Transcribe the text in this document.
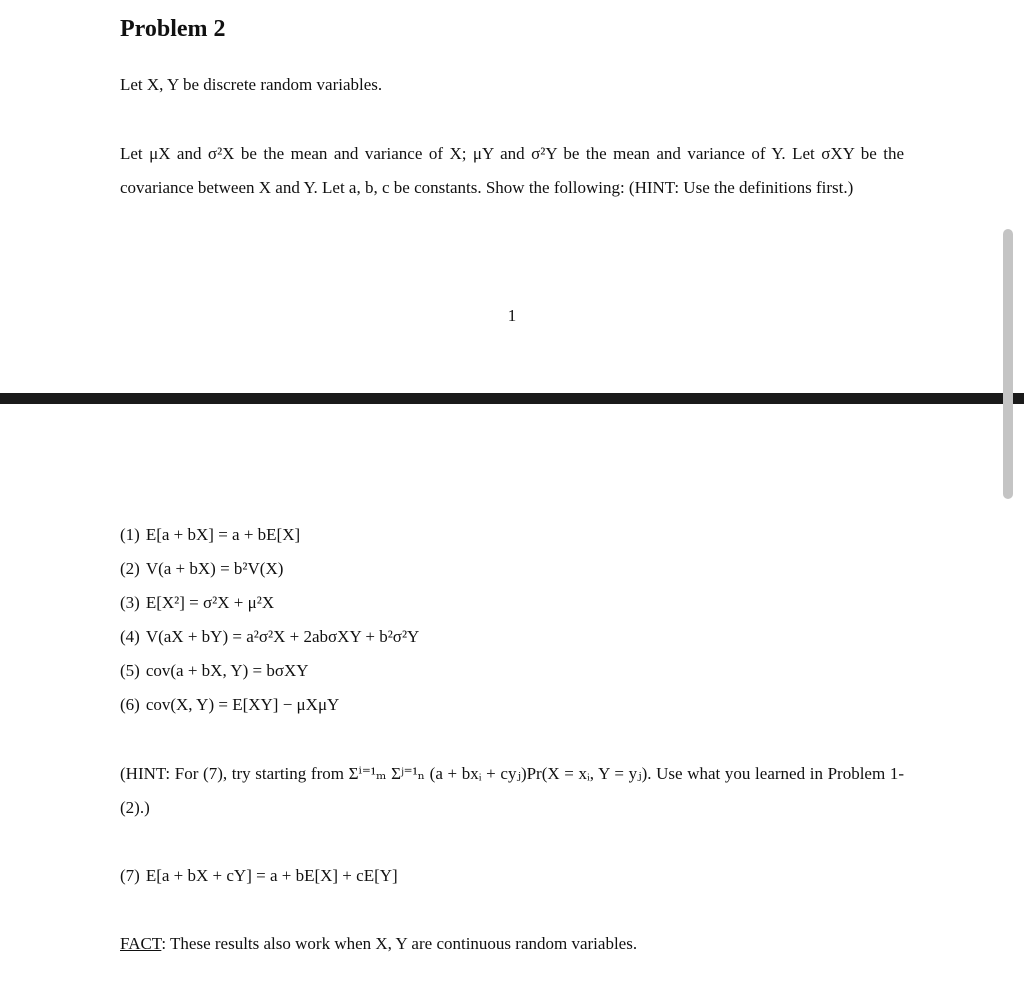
Problem 2

Let X, Y be discrete random variables.

Let μX and σ²X be the mean and variance of X; μY and σ²Y be the mean and variance of Y. Let σXY be the covariance between X and Y. Let a, b, c be constants. Show the following: (HINT: Use the definitions first.)

1
(1) E[a + bX] = a + bE[X]
(2) V(a + bX) = b²V(X)
(3) E[X²] = σ²X + μ²X
(4) V(aX + bY) = a²σ²X + 2abσXY + b²σ²Y
(5) cov(a + bX, Y) = bσXY
(6) cov(X, Y) = E[XY] − μXμY

(HINT: For (7), try starting from Σⁱ⁼¹ₘ Σʲ⁼¹ₙ (a + bxᵢ + cyⱼ)Pr(X = xᵢ, Y = yⱼ). Use what you learned in Problem 1-(2).)

(7) E[a + bX + cY] = a + bE[X] + cE[Y]

FACT: These results also work when X, Y are continuous random variables.
